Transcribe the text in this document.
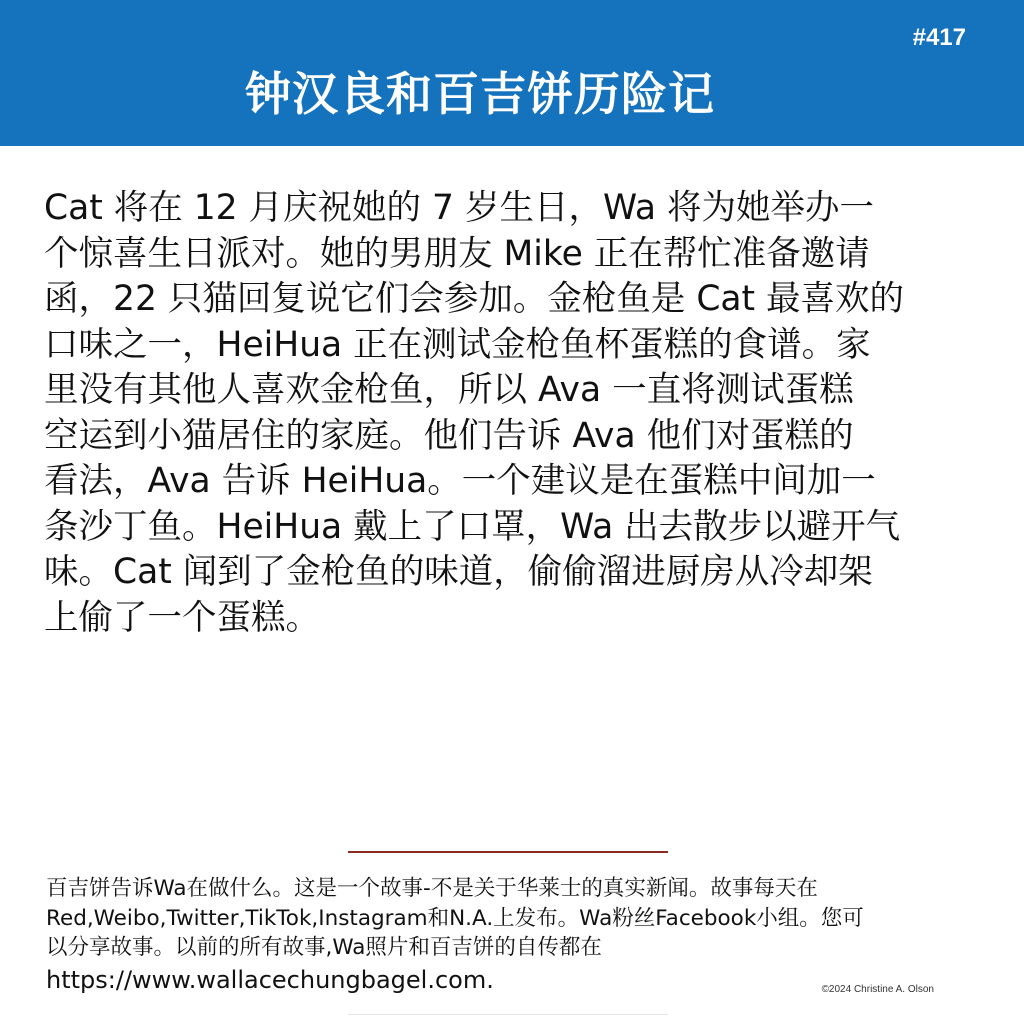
#417
钟汉良和百吉饼历险记
Cat 将在 12 月庆祝她的 7 岁生日，Wa 将为她举办一
个惊喜生日派对。她的男朋友 Mike 正在帮忙准备邀请
函，22 只猫回复说它们会参加。金枪鱼是 Cat 最喜欢的
口味之一，HeiHua 正在测试金枪鱼杯蛋糕的食谱。家
里没有其他人喜欢金枪鱼，所以 Ava 一直将测试蛋糕
空运到小猫居住的家庭。他们告诉 Ava 他们对蛋糕的
看法，Ava 告诉 HeiHua。一个建议是在蛋糕中间加一
条沙丁鱼。HeiHua 戴上了口罩，Wa 出去散步以避开气
味。Cat 闻到了金枪鱼的味道，偷偷溜进厨房从冷却架
上偷了一个蛋糕。
百吉饼告诉Wa在做什么。这是一个故事-不是关于华莱士的真实新闻。故事每天在
Red,Weibo,Twitter,TikTok,Instagram和N.A.上发布。Wa粉丝Facebook小组。您可
以分享故事。以前的所有故事,Wa照片和百吉饼的自传都在
https://www.wallacechungbagel.com.	©2024 Christine A. Olson
